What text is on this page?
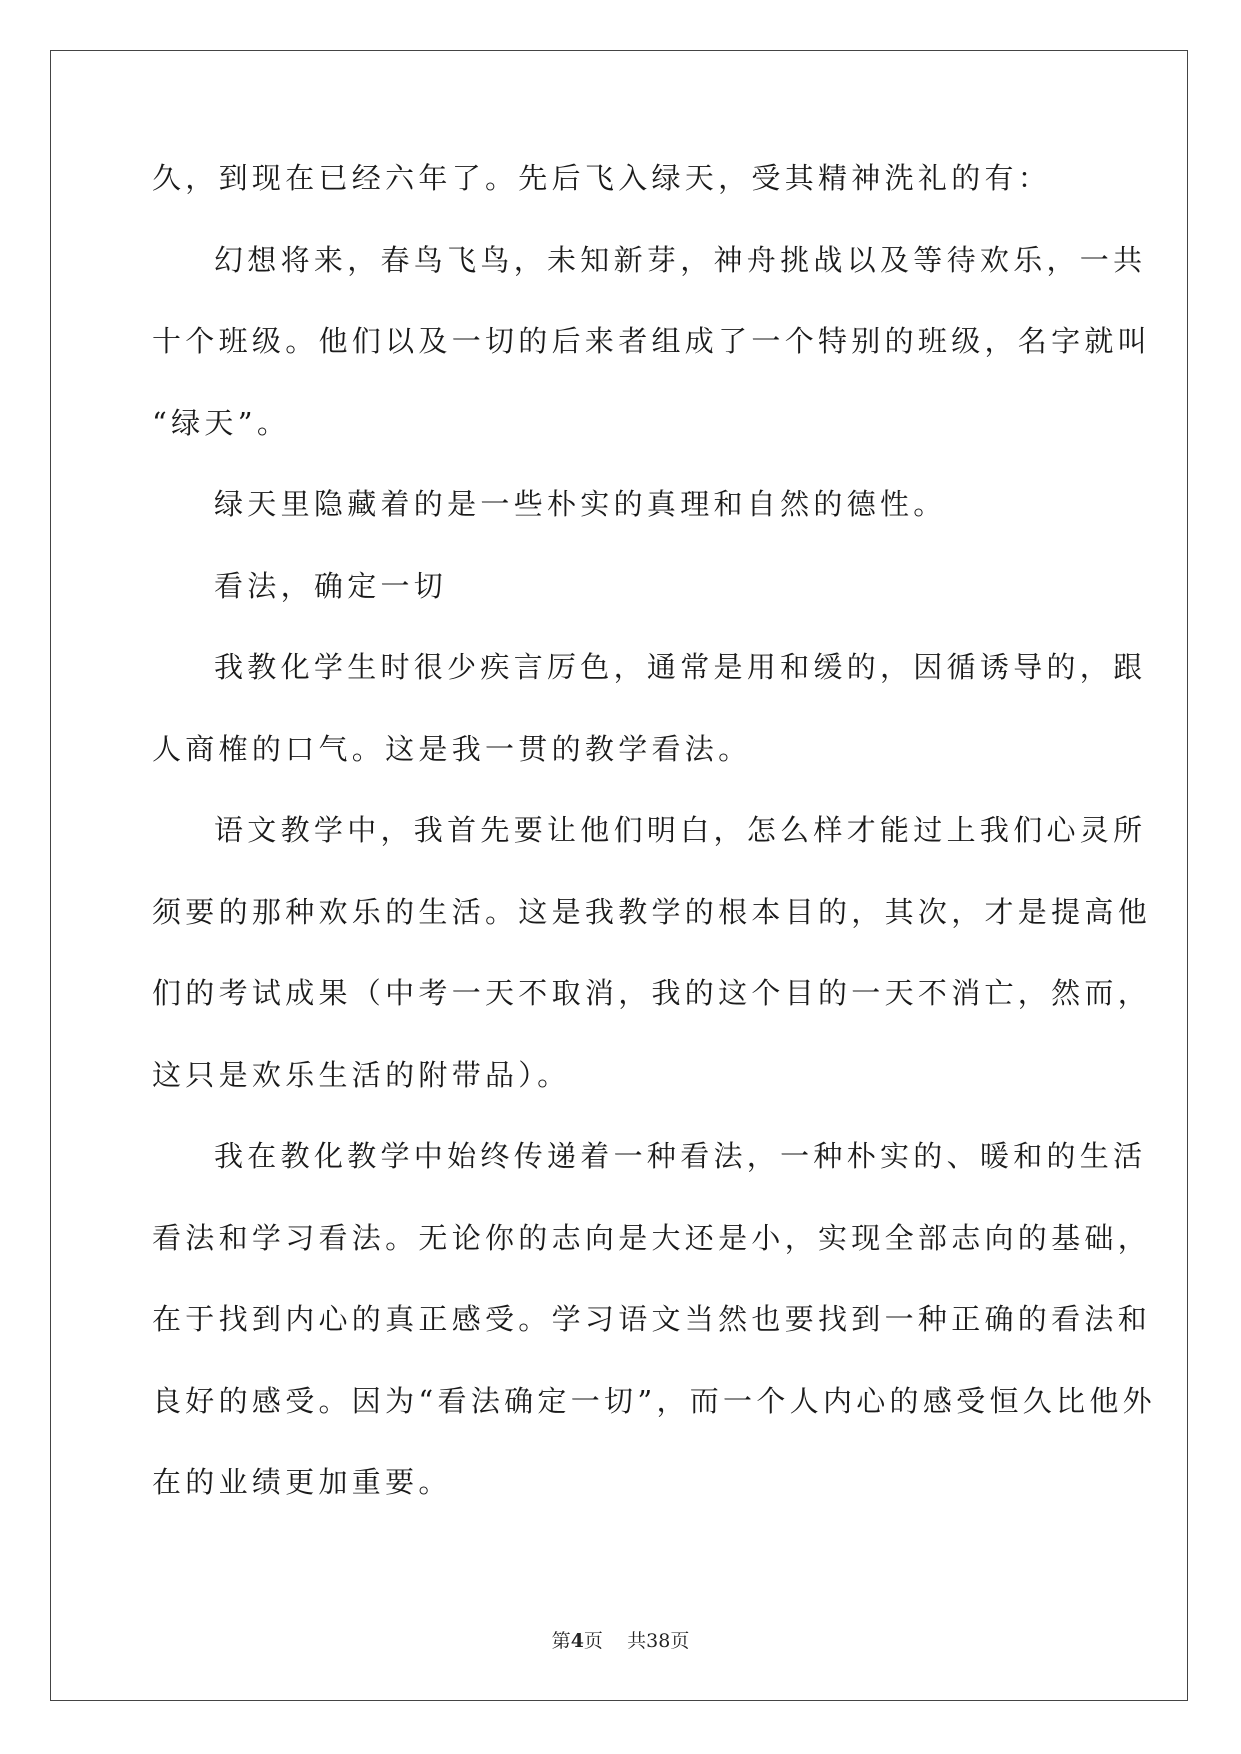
久，到现在已经六年了。先后飞入绿天，受其精神洗礼的有：

幻想将来，春鸟飞鸟，未知新芽，神舟挑战以及等待欢乐，一共

十个班级。他们以及一切的后来者组成了一个特别的班级，名字就叫

“绿天”。

绿天里隐藏着的是一些朴实的真理和自然的德性。

看法，确定一切

我教化学生时很少疾言厉色，通常是用和缓的，因循诱导的，跟

人商榷的口气。这是我一贯的教学看法。

语文教学中，我首先要让他们明白，怎么样才能过上我们心灵所

须要的那种欢乐的生活。这是我教学的根本目的，其次，才是提高他

们的考试成果（中考一天不取消，我的这个目的一天不消亡，然而，

这只是欢乐生活的附带品）。

我在教化教学中始终传递着一种看法，一种朴实的、暖和的生活

看法和学习看法。无论你的志向是大还是小，实现全部志向的基础，

在于找到内心的真正感受。学习语文当然也要找到一种正确的看法和

良好的感受。因为“看法确定一切”，而一个人内心的感受恒久比他外

在的业绩更加重要。

第4页 共38页
